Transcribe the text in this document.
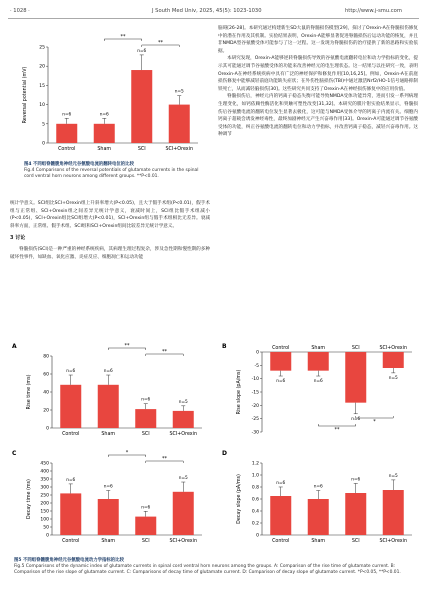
· 1028 ·	J South Med Univ, 2025, 45(5): 1023-1030	http://www.j-smu.com
Reversal potential (mV)
0
5
10
15
20
25
n=6
Control
n=6
Sham
n=6
SCI
n=5
SCI+Orexin
**
**
图4 不同组脊髓腹角神经元谷氨酸电流的翻转电位的比较
Fig.4 Comparisons of the reversal potentials of glutamate currents in the spinal cord ventral horn neurons among different groups. **P<0.01.

统计学意义。SCI组比SCI+Orexin组上升斜率增大(P<0.05)，且大于假手术组(P<0.01)，假手术组与正常组、SCI+Orexin组之间差异无统计学意义，衰减时间上，SCI组比假手术组减小(P<0.05)，SCI+Orexin组比SCI组增大(P<0.01)，SCI+Orexin组与假手术组相比无差异。衰减斜率方面，正常组、假手术组、SCI组和SCI+Orexin组间比较差异无统计学意义。

3 讨论

脊髓损伤(SCI)是一种严重的神经系统疾病，其病理生理过程复杂，涉及急性期和慢性期的多种破坏性事件，如缺血、氧化应激、炎症反应、细胞凋亡和运动功能

脑碍[26-28]。本研究通过构建新生SD大鼠的脊髓损伤模型[29]，探讨了Orexin-A在脊髓损伤修复中的潜在作用及其机制。实验结果表明，Orexin-A能够显著促进脊髓损伤后运动功能的恢复，并且非NMDA型谷氨酸受体可能参与了这一过程。这一发现为脊髓损伤的治疗提供了新的思路和实验依据。

本研究发现，Orexin-A能够逆转脊髓损伤导致的谷氨酸电流翻转电位和动力学指标的变化，提示其可能通过调节谷氨酸受体的功能来改善神经元的电生理状态。这一结果与以往研究一致，表明Orexin-A在神经系统疾病中具有广泛的神经保护和修复作用[10,16,25]。例如，Orexin-A在前庭损伤修复中能够减轻前庭功能缺失症状；在外伤性脑损伤(TBI)中通过激活Nrf2/HO-1信号通路抑制铁死亡，从而减轻脑损伤[30]。这些研究共同支持了Orexin-A在神经损伤修复中的应用价值。

脊髓损伤后，神经元内的钙离子稳态失衡可能导致NMDA受体功能异常，进而引发一系列病理生理变化，如钙依赖性酶活化和突触可塑性改变[31,32]。本研究的膜片钳实验结果显示，脊髓损伤后谷氨酸电流的翻转电位发生显著去极化，这可能与NMDA受体介导的钙离子内流有关。细胞内钙离子超载会诱发神经毒性，最终加剧神经元产生兴奋毒作用[33]。Orexin-A可能通过调节谷氨酸受体的功能，纠正谷氨酸电流的翻转电位和动力学指标，并改善钙离子稳态，减轻兴奋毒作用。这种调节

A
Rise time (ms)
0
20
40
60
80
n=6
Control
n=6
Sham
n=6
SCI
n=5
SCI+Orexin
**
**
B
Rise slope (pA/ms)
0
-5
-10
-15
-20
-25
-30
n=6
Control
n=6
Sham
n=6
SCI
n=5
SCI+Orexin
**
*
C
Decay time (ms)
0
50
100
150
200
250
300
350
400
450
n=6
Control
n=6
Sham
n=6
SCI
n=5
SCI+Orexin
*
**
D
Decay slope (pA/ms)
0
0.2
0.4
0.6
0.8
1.0
1.2
n=6
Control
n=6
Sham
n=6
SCI
n=5
SCI+Orexin
图5 不同组脊髓腹角神经元谷氨酸电流动力学指标的比较
Fig.5 Comparisons of the dynamic index of glutamate currents in spinal cord ventral horn neurons among the groups. A: Comparison of the rise time of glutamate current. B: Comparison of the rise slope of glutamate current. C: Comparisons of decay time of glutamate current. D: Comparison of decay slope of glutamate current. *P<0.05, **P<0.01.
